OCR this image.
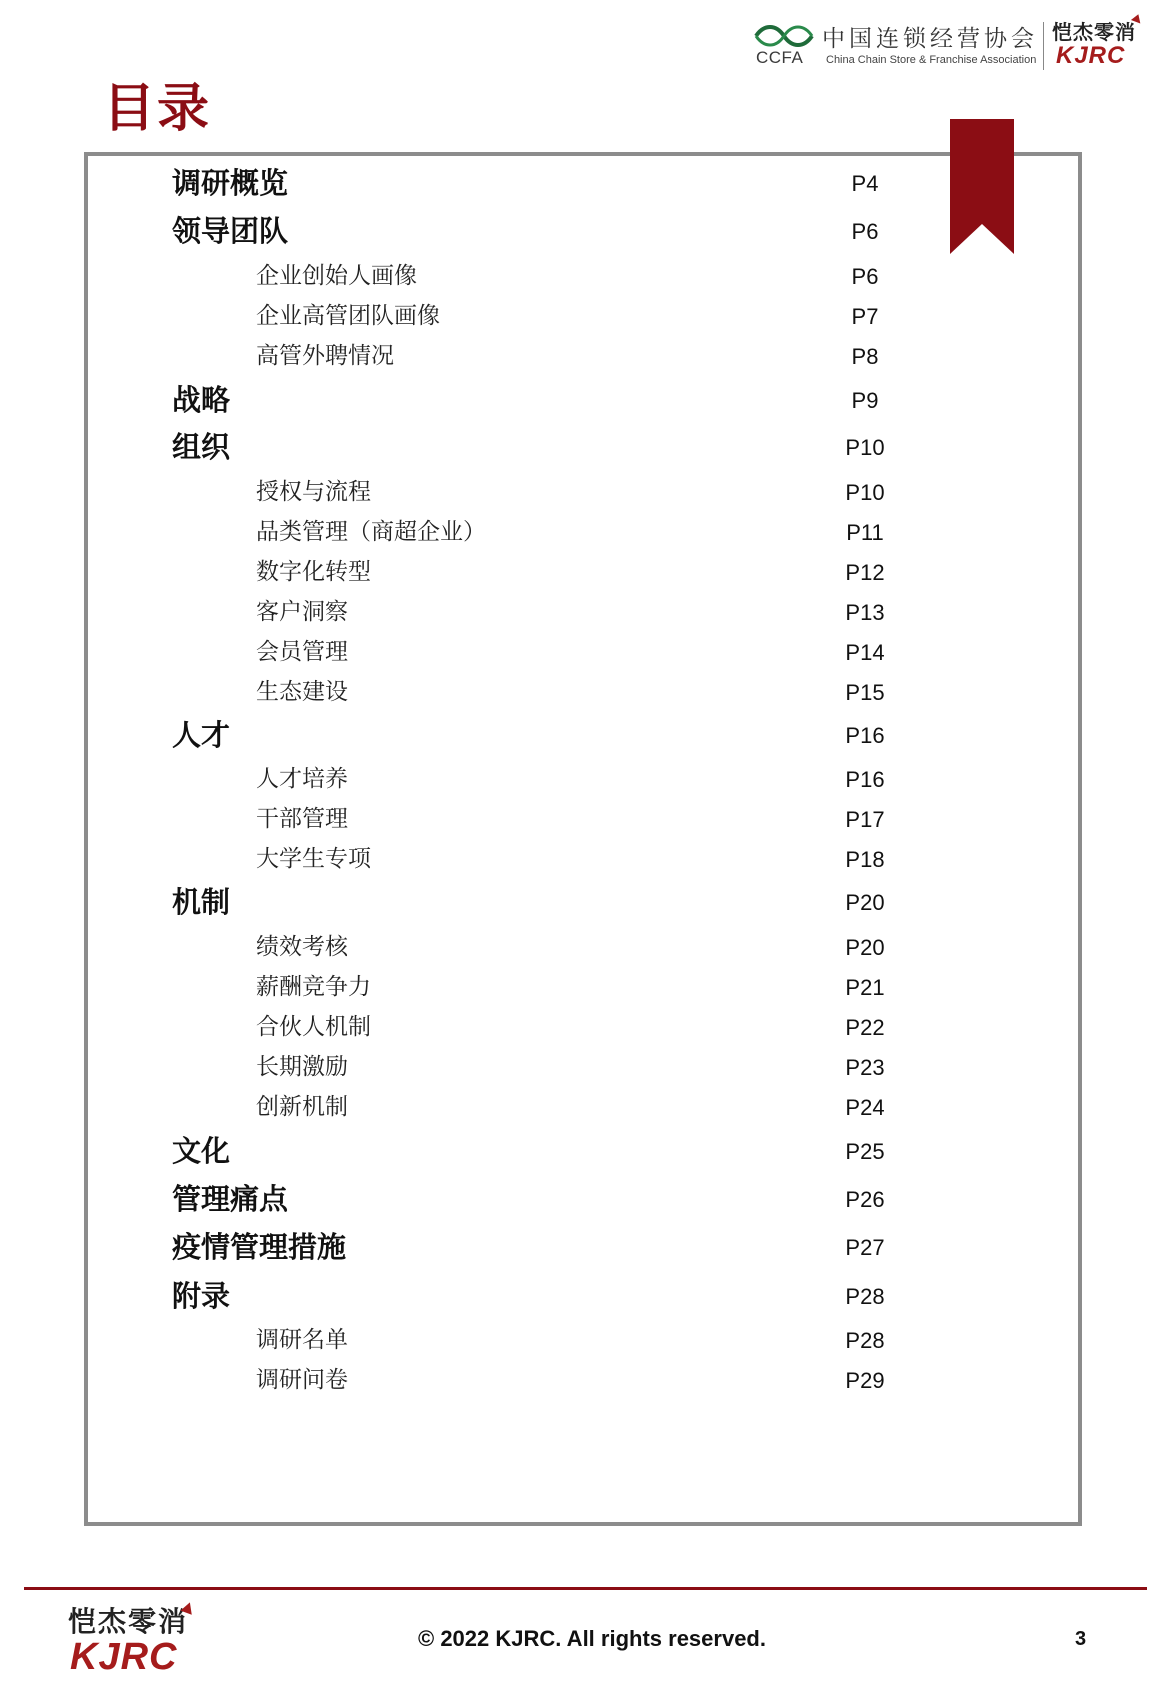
目录
CCFA
中国连锁经营协会
China Chain Store & Franchise Association
恺杰零消
KJRC
调研概览	P4
领导团队	P6
企业创始人画像	P6
企业高管团队画像	P7
高管外聘情况	P8
战略	P9
组织	P10
授权与流程	P10
品类管理（商超企业）	P11
数字化转型	P12
客户洞察	P13
会员管理	P14
生态建设	P15
人才	P16
人才培养	P16
干部管理	P17
大学生专项	P18
机制	P20
绩效考核	P20
薪酬竞争力	P21
合伙人机制	P22
长期激励	P23
创新机制	P24
文化	P25
管理痛点	P26
疫情管理措施	P27
附录	P28
调研名单	P28
调研问卷	P29
恺杰零消
KJRC	© 2022 KJRC. All rights reserved.	3
